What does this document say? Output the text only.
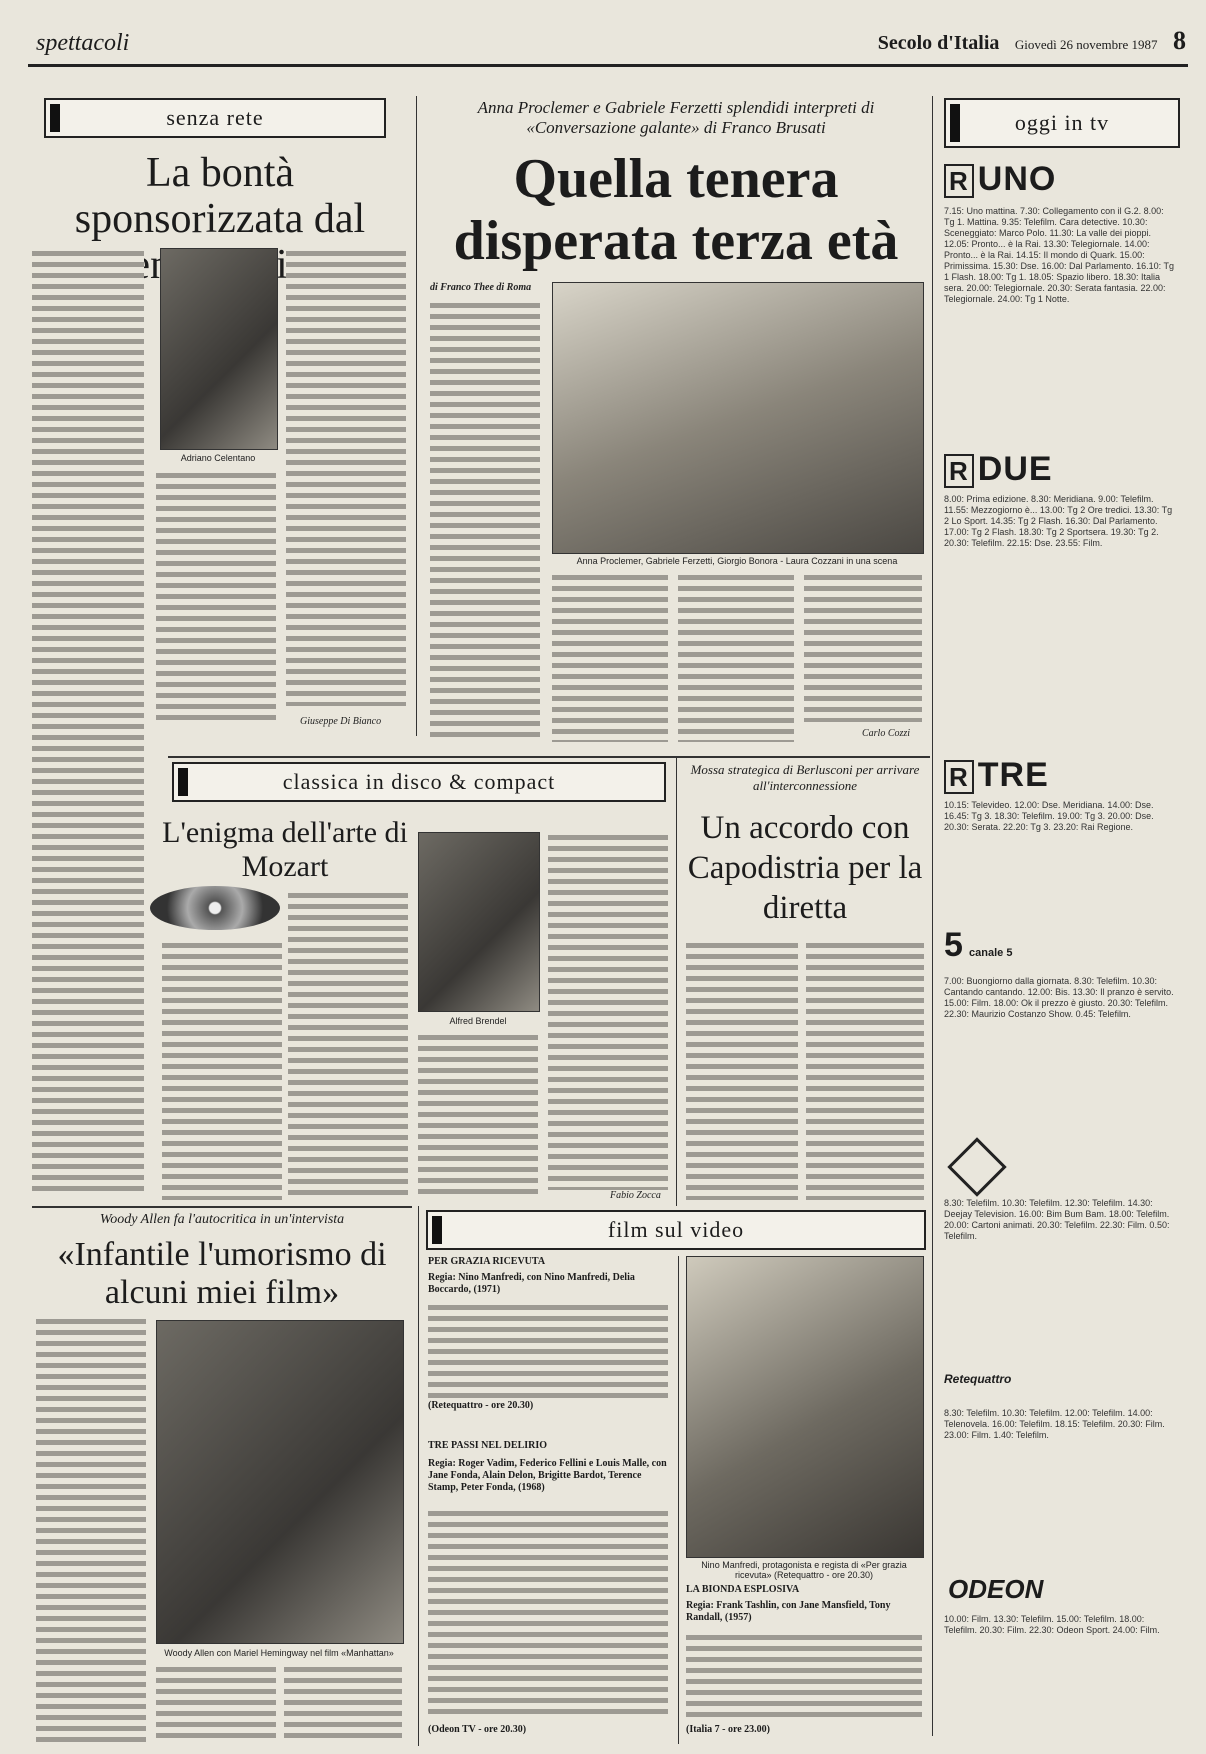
spettacoli	Secolo d'Italia Giovedì 26 novembre 1987 8
senza rete
La bontà sponsorizzata dal Kenia
Adriano Celentano
Giuseppe Di Bianco
Anna Proclemer e Gabriele Ferzetti splendidi interpreti di «Conversazione galante» di Franco Brusati
Quella tenera disperata terza età
di Franco Thee di Roma
Anna Proclemer, Gabriele Ferzetti, Giorgio Bonora - Laura Cozzani in una scena
Carlo Cozzi
classica in disco & compact
L'enigma dell'arte di Mozart
Alfred Brendel
Fabio Zocca
Mossa strategica di Berlusconi per arrivare all'interconnessione
Un accordo con Capodistria per la diretta
Woody Allen fa l'autocritica in un'intervista
«Infantile l'umorismo di alcuni miei film»
Woody Allen con Mariel Hemingway nel film «Manhattan»
film sul video
PER GRAZIA RICEVUTA
Regia: Nino Manfredi, con Nino Manfredi, Delia Boccardo, (1971)
(Retequattro - ore 20.30)
TRE PASSI NEL DELIRIO
Regia: Roger Vadim, Federico Fellini e Louis Malle, con Jane Fonda, Alain Delon, Brigitte Bardot, Terence Stamp, Peter Fonda, (1968)
(Odeon TV - ore 20.30)
Nino Manfredi, protagonista e regista di «Per grazia ricevuta» (Retequattro - ore 20.30)
LA BIONDA ESPLOSIVA
Regia: Frank Tashlin, con Jane Mansfield, Tony Randall, (1957)
(Italia 7 - ore 23.00)
oggi in tv
R UNO
7.15: Uno mattina. 7.30: Collegamento con il G.2. 8.00: Tg 1. Mattina. 9.35: Telefilm. Cara detective. 10.30: Sceneggiato: Marco Polo. 11.30: La valle dei pioppi. 12.05: Pronto... è la Rai. 13.30: Telegiornale. 14.00: Pronto... è la Rai. 14.15: Il mondo di Quark. 15.00: Primissima. 15.30: Dse. 16.00: Dal Parlamento. 16.10: Tg 1 Flash. 18.00: Tg 1. 18.05: Spazio libero. 18.30: Italia sera. 20.00: Telegiornale. 20.30: Serata fantasia. 22.00: Telegiornale. 24.00: Tg 1 Notte.
R DUE
8.00: Prima edizione. 8.30: Meridiana. 9.00: Telefilm. 11.55: Mezzogiorno è... 13.00: Tg 2 Ore tredici. 13.30: Tg 2 Lo Sport. 14.35: Tg 2 Flash. 16.30: Dal Parlamento. 17.00: Tg 2 Flash. 18.30: Tg 2 Sportsera. 19.30: Tg 2. 20.30: Telefilm. 22.15: Dse. 23.55: Film.
R TRE
10.15: Televideo. 12.00: Dse. Meridiana. 14.00: Dse. 16.45: Tg 3. 18.30: Telefilm. 19.00: Tg 3. 20.00: Dse. 20.30: Serata. 22.20: Tg 3. 23.20: Rai Regione.
5 canale 5
7.00: Buongiorno dalla giornata. 8.30: Telefilm. 10.30: Cantando cantando. 12.00: Bis. 13.30: Il pranzo è servito. 15.00: Film. 18.00: Ok il prezzo è giusto. 20.30: Telefilm. 22.30: Maurizio Costanzo Show. 0.45: Telefilm.
8.30: Telefilm. 10.30: Telefilm. 12.30: Telefilm. 14.30: Deejay Television. 16.00: Bim Bum Bam. 18.00: Telefilm. 20.00: Cartoni animati. 20.30: Telefilm. 22.30: Film. 0.50: Telefilm.
Retequattro
8.30: Telefilm. 10.30: Telefilm. 12.00: Telefilm. 14.00: Telenovela. 16.00: Telefilm. 18.15: Telefilm. 20.30: Film. 23.00: Film. 1.40: Telefilm.
ODEON
10.00: Film. 13.30: Telefilm. 15.00: Telefilm. 18.00: Telefilm. 20.30: Film. 22.30: Odeon Sport. 24.00: Film.
